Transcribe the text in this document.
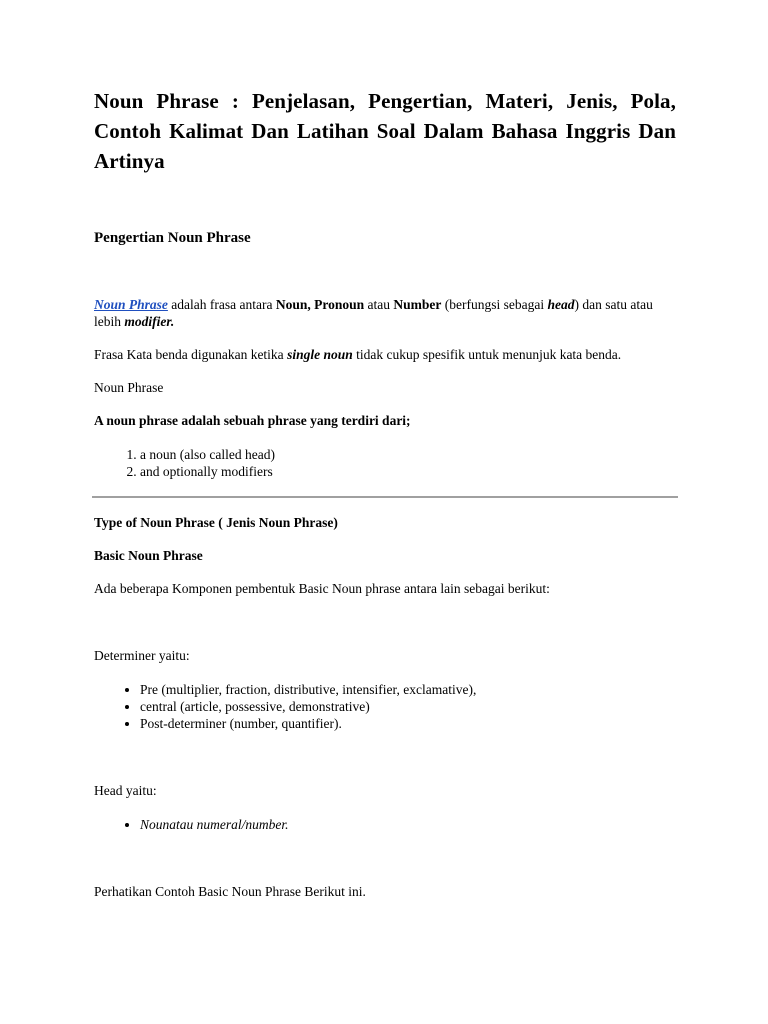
Noun Phrase : Penjelasan, Pengertian, Materi, Jenis, Pola, Contoh Kalimat Dan Latihan Soal Dalam Bahasa Inggris Dan Artinya
Pengertian Noun Phrase

Noun Phrase adalah frasa antara Noun, Pronoun atau Number (berfungsi sebagai head) dan satu atau lebih modifier.

Frasa Kata benda digunakan ketika single noun tidak cukup spesifik untuk menunjuk kata benda.

Noun Phrase

A noun phrase adalah sebuah phrase yang terdiri dari;

1. a noun (also called head)
2. and optionally modifiers

Type of Noun Phrase ( Jenis Noun Phrase)

Basic Noun Phrase

Ada beberapa Komponen pembentuk Basic Noun phrase antara lain sebagai berikut:

Determiner yaitu:

• Pre (multiplier, fraction, distributive, intensifier, exclamative),
• central (article, possessive, demonstrative)
• Post-determiner (number, quantifier).

Head yaitu:

• Nounatau numeral/number.

Perhatikan Contoh Basic Noun Phrase Berikut ini.
